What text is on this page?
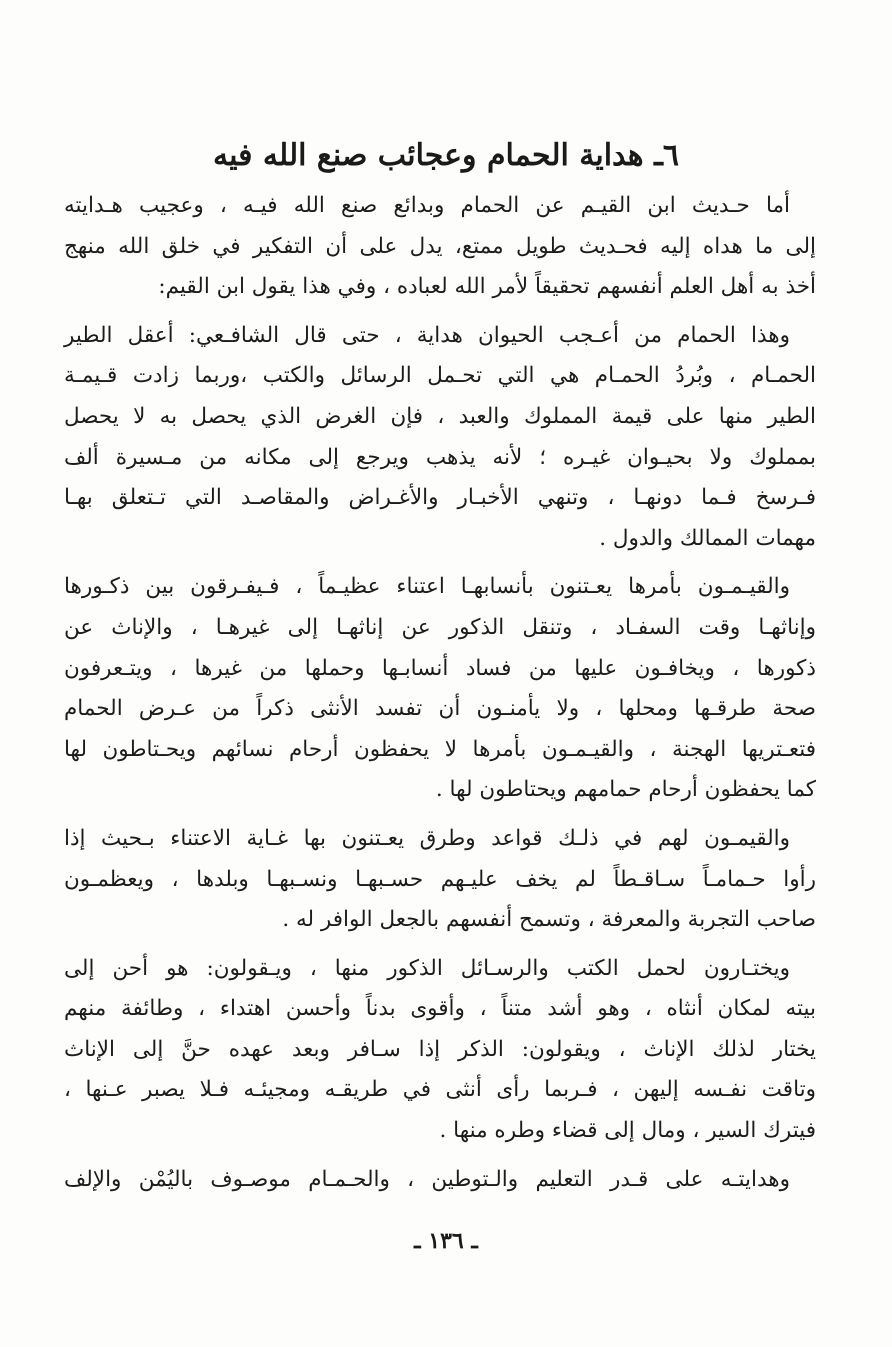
٦ـ هداية الحمام وعجائب صنع الله فيه
أما حـديث ابن القيـم عن الحمام وبدائع صنع الله فيـه ، وعجيب هـدايته
إلى ما هداه إليه فحـديث طويل ممتع، يدل على أن التفكير في خلق الله منهج
أخذ به أهل العلم أنفسهم تحقيقاً لأمر الله لعباده ، وفي هذا يقول ابن القيم:
وهذا الحمام من أعـجب الحيوان هداية ، حتى قال الشافـعي: أعقل الطير
الحمـام ، وبُردُ الحمـام هي التي تحـمل الرسائل والكتب ،وربما زادت قـيمـة
الطير منها على قيمة المملوك والعبد ، فإن الغرض الذي يحصل به لا يحصل
بمملوك ولا بحيـوان غيـره ؛ لأنه يذهب ويرجع إلى مكانه من مـسيرة ألف
فـرسخ فـما دونهـا ، وتنهي الأخبـار والأغـراض والمقاصـد التي تـتعلق بهـا
مهمات الممالك والدول .
والقيـمـون بأمرها يعـتنون بأنسابهـا اعتناء عظيـماً ، فـيفـرقون بين ذكـورها
وإناثهـا وقت السفـاد ، وتنقل الذكور عن إناثهـا إلى غيرهـا ، والإناث عن
ذكورها ، ويخافـون عليها من فساد أنسابـها وحملها من غيرها ، ويتـعرفون
صحة طرقـها ومحلها ، ولا يأمنـون أن تفسد الأنثى ذكراً من عـرض الحمام
فتعـتريها الهجنة ، والقيـمـون بأمرها لا يحفظون أرحام نسائهم ويحـتاطون لها
كما يحفظون أرحام حمامهم ويحتاطون لها .
والقيمـون لهم في ذلـك قواعد وطرق يعـتنون بها غـاية الاعتناء بـحيث إذا
رأوا حـمامـاً سـاقـطاً لم يخف عليـهم حسـبهـا ونسـبهـا وبلدها ، ويعظمـون
صاحب التجربة والمعرفة ، وتسمح أنفسهم بالجعل الوافر له .
ويختـارون لحمل الكتب والرسـائل الذكور منها ، ويـقولون: هو أحن إلى
بيته لمكان أنثاه ، وهو أشد متناً ، وأقوى بدناً وأحسن اهتداء ، وطائفة منهم
يختار لذلك الإناث ، ويقولون: الذكر إذا سـافر وبعد عهده حنَّ إلى الإناث
وتاقت نفـسه إليهن ، فـربما رأى أنثى في طريقـه ومجيئـه فـلا يصبر عـنها ،
فيترك السير ، ومال إلى قضاء وطره منها .
وهدايتـه على قـدر التعليم والـتوطين ، والحـمـام موصـوف باليُمْن والإلف
ـ ١٣٦ ـ
